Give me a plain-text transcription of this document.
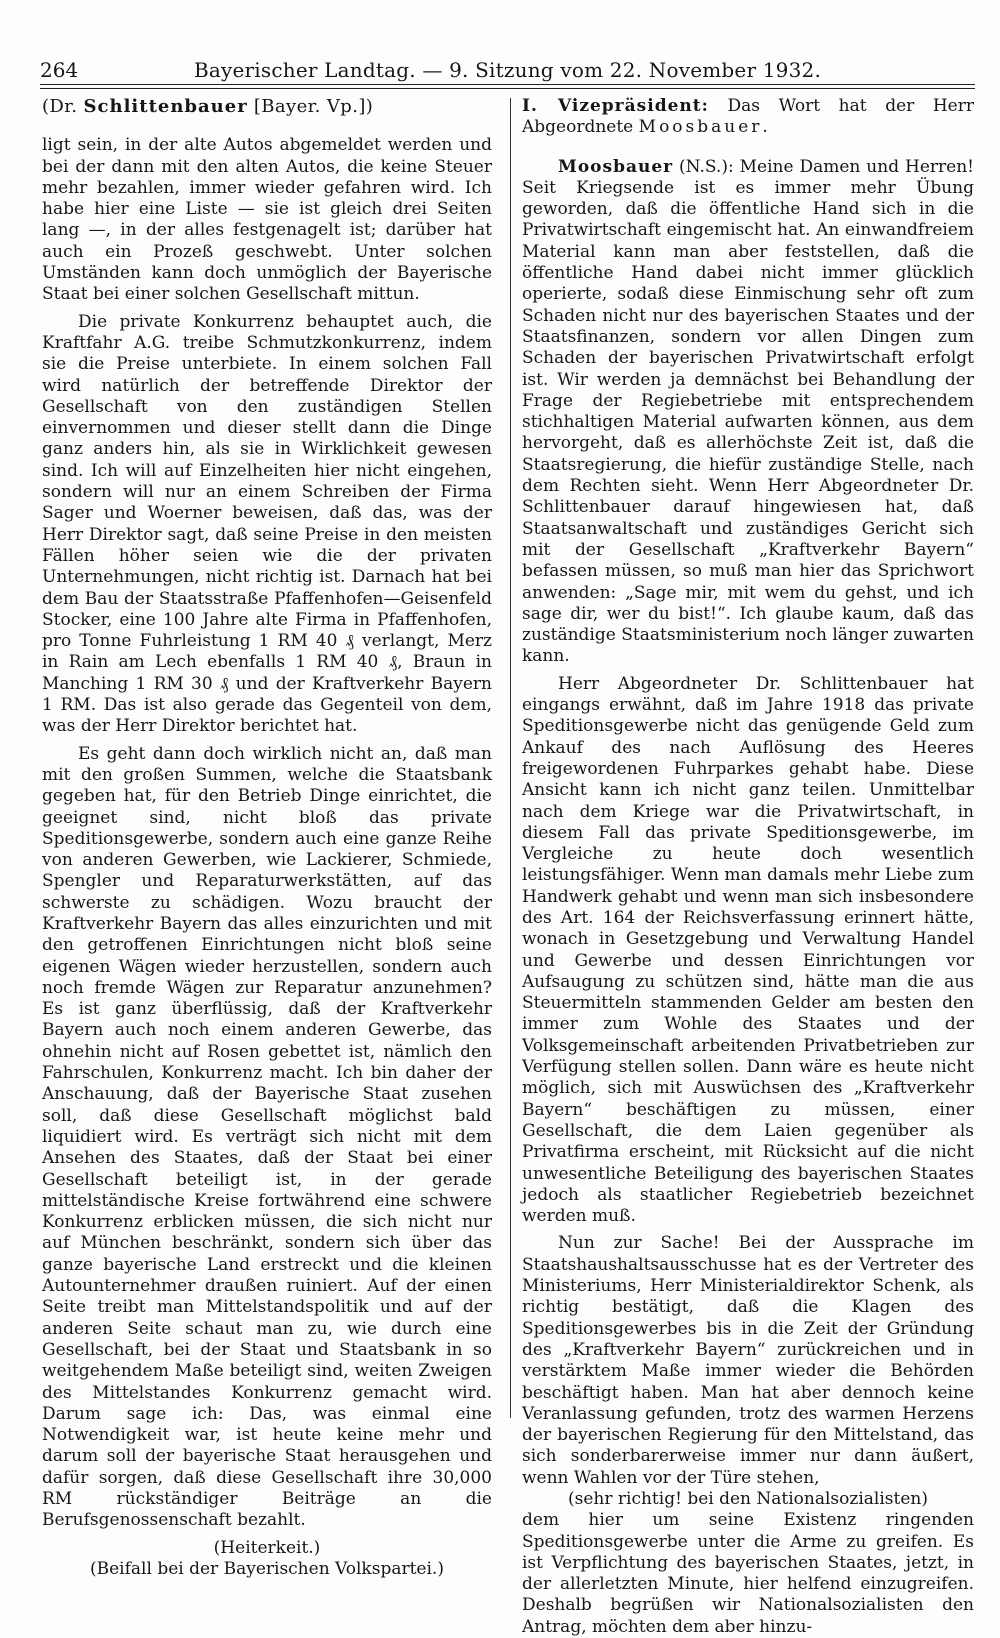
264	Bayerischer Landtag. — 9. Sitzung vom 22. November 1932.
(Dr. Schlittenbauer [Bayer. Vp.])

ligt sein, in der alte Autos abgemeldet werden und bei der dann mit den alten Autos, die keine Steuer mehr bezahlen, immer wieder gefahren wird. Ich habe hier eine Liste — sie ist gleich drei Seiten lang —, in der alles festgenagelt ist; darüber hat auch ein Prozeß geschwebt. Unter solchen Umständen kann doch unmöglich der Bayerische Staat bei einer solchen Gesellschaft mittun.

Die private Konkurrenz behauptet auch, die Kraftfahr A.G. treibe Schmutzkonkurrenz, indem sie die Preise unterbiete. In einem solchen Fall wird natürlich der betreffende Direktor der Gesellschaft von den zuständigen Stellen einvernommen und dieser stellt dann die Dinge ganz anders hin, als sie in Wirklichkeit gewesen sind. Ich will auf Einzelheiten hier nicht eingehen, sondern will nur an einem Schreiben der Firma Sager und Woerner beweisen, daß das, was der Herr Direktor sagt, daß seine Preise in den meisten Fällen höher seien wie die der privaten Unternehmungen, nicht richtig ist. Darnach hat bei dem Bau der Staatsstraße Pfaffenhofen—Geisenfeld Stocker, eine 100 Jahre alte Firma in Pfaffenhofen, pro Tonne Fuhrleistung 1 RM 40 ₰ verlangt, Merz in Rain am Lech ebenfalls 1 RM 40 ₰, Braun in Manching 1 RM 30 ₰ und der Kraftverkehr Bayern 1 RM. Das ist also gerade das Gegenteil von dem, was der Herr Direktor berichtet hat.

Es geht dann doch wirklich nicht an, daß man mit den großen Summen, welche die Staatsbank gegeben hat, für den Betrieb Dinge einrichtet, die geeignet sind, nicht bloß das private Speditionsgewerbe, sondern auch eine ganze Reihe von anderen Gewerben, wie Lackierer, Schmiede, Spengler und Reparaturwerkstätten, auf das schwerste zu schädigen. Wozu braucht der Kraftverkehr Bayern das alles einzurichten und mit den getroffenen Einrichtungen nicht bloß seine eigenen Wägen wieder herzustellen, sondern auch noch fremde Wägen zur Reparatur anzunehmen? Es ist ganz überflüssig, daß der Kraftverkehr Bayern auch noch einem anderen Gewerbe, das ohnehin nicht auf Rosen gebettet ist, nämlich den Fahrschulen, Konkurrenz macht. Ich bin daher der Anschauung, daß der Bayerische Staat zusehen soll, daß diese Gesellschaft möglichst bald liquidiert wird. Es verträgt sich nicht mit dem Ansehen des Staates, daß der Staat bei einer Gesellschaft beteiligt ist, in der gerade mittelständische Kreise fortwährend eine schwere Konkurrenz erblicken müssen, die sich nicht nur auf München beschränkt, sondern sich über das ganze bayerische Land erstreckt und die kleinen Autounternehmer draußen ruiniert. Auf der einen Seite treibt man Mittelstandspolitik und auf der anderen Seite schaut man zu, wie durch eine Gesellschaft, bei der Staat und Staatsbank in so weitgehendem Maße beteiligt sind, weiten Zweigen des Mittelstandes Konkurrenz gemacht wird. Darum sage ich: Das, was einmal eine Notwendigkeit war, ist heute keine mehr und darum soll der bayerische Staat herausgehen und dafür sorgen, daß diese Gesellschaft ihre 30,000 RM rückständiger Beiträge an die Berufsgenossenschaft bezahlt.

(Heiterkeit.)

(Beifall bei der Bayerischen Volkspartei.)

I. Vizepräsident: Das Wort hat der Herr Abgeordnete Moosbauer.

Moosbauer (N.S.): Meine Damen und Herren! Seit Kriegsende ist es immer mehr Übung geworden, daß die öffentliche Hand sich in die Privatwirtschaft eingemischt hat. An einwandfreiem Material kann man aber feststellen, daß die öffentliche Hand dabei nicht immer glücklich operierte, sodaß diese Einmischung sehr oft zum Schaden nicht nur des bayerischen Staates und der Staatsfinanzen, sondern vor allen Dingen zum Schaden der bayerischen Privatwirtschaft erfolgt ist. Wir werden ja demnächst bei Behandlung der Frage der Regiebetriebe mit entsprechendem stichhaltigen Material aufwarten können, aus dem hervorgeht, daß es allerhöchste Zeit ist, daß die Staatsregierung, die hiefür zuständige Stelle, nach dem Rechten sieht. Wenn Herr Abgeordneter Dr. Schlittenbauer darauf hingewiesen hat, daß Staatsanwaltschaft und zuständiges Gericht sich mit der Gesellschaft „Kraftverkehr Bayern“ befassen müssen, so muß man hier das Sprichwort anwenden: „Sage mir, mit wem du gehst, und ich sage dir, wer du bist!“. Ich glaube kaum, daß das zuständige Staatsministerium noch länger zuwarten kann.

Herr Abgeordneter Dr. Schlittenbauer hat eingangs erwähnt, daß im Jahre 1918 das private Speditionsgewerbe nicht das genügende Geld zum Ankauf des nach Auflösung des Heeres freigewordenen Fuhrparkes gehabt habe. Diese Ansicht kann ich nicht ganz teilen. Unmittelbar nach dem Kriege war die Privatwirtschaft, in diesem Fall das private Speditionsgewerbe, im Vergleiche zu heute doch wesentlich leistungsfähiger. Wenn man damals mehr Liebe zum Handwerk gehabt und wenn man sich insbesondere des Art. 164 der Reichsverfassung erinnert hätte, wonach in Gesetzgebung und Verwaltung Handel und Gewerbe und dessen Einrichtungen vor Aufsaugung zu schützen sind, hätte man die aus Steuermitteln stammenden Gelder am besten den immer zum Wohle des Staates und der Volksgemeinschaft arbeitenden Privatbetrieben zur Verfügung stellen sollen. Dann wäre es heute nicht möglich, sich mit Auswüchsen des „Kraftverkehr Bayern“ beschäftigen zu müssen, einer Gesellschaft, die dem Laien gegenüber als Privatfirma erscheint, mit Rücksicht auf die nicht unwesentliche Beteiligung des bayerischen Staates jedoch als staatlicher Regiebetrieb bezeichnet werden muß.

Nun zur Sache! Bei der Aussprache im Staatshaushaltsausschusse hat es der Vertreter des Ministeriums, Herr Ministerialdirektor Schenk, als richtig bestätigt, daß die Klagen des Speditionsgewerbes bis in die Zeit der Gründung des „Kraftverkehr Bayern“ zurückreichen und in verstärktem Maße immer wieder die Behörden beschäftigt haben. Man hat aber dennoch keine Veranlassung gefunden, trotz des warmen Herzens der bayerischen Regierung für den Mittelstand, das sich sonderbarerweise immer nur dann äußert, wenn Wahlen vor der Türe stehen,

(sehr richtig! bei den Nationalsozialisten)

dem hier um seine Existenz ringenden Speditionsgewerbe unter die Arme zu greifen. Es ist Verpflichtung des bayerischen Staates, jetzt, in der allerletzten Minute, hier helfend einzugreifen. Deshalb begrüßen wir Nationalsozialisten den Antrag, möchten dem aber hinzu-
